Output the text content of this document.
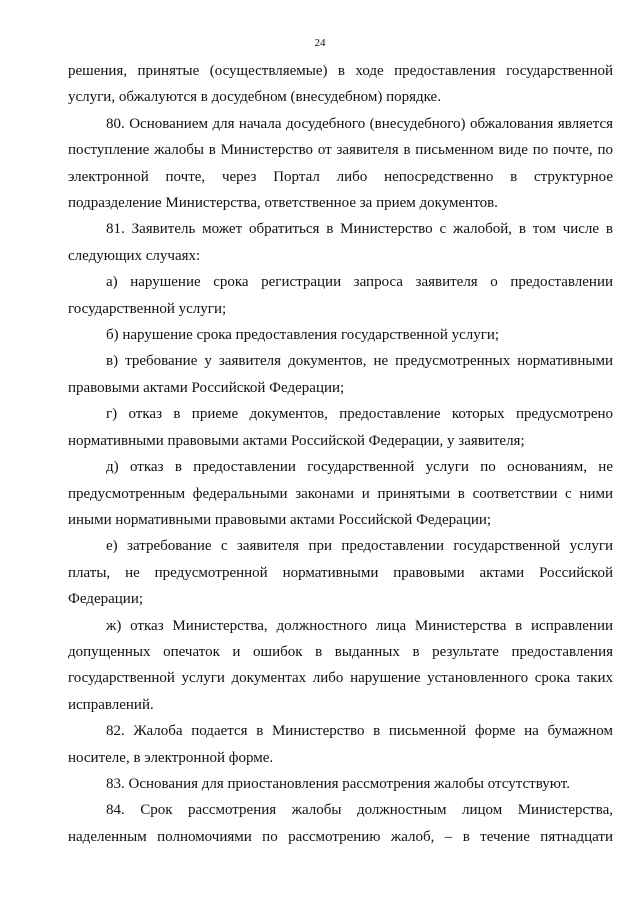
24

решения, принятые (осуществляемые) в ходе предоставления государственной услуги, обжалуются в досудебном (внесудебном) порядке.

80. Основанием для начала досудебного (внесудебного) обжалования является поступление жалобы в Министерство от заявителя в письменном виде по почте, по электронной почте, через Портал либо непосредственно в структурное подразделение Министерства, ответственное за прием документов.

81. Заявитель может обратиться в Министерство с жалобой, в том числе в следующих случаях:

а) нарушение срока регистрации запроса заявителя о предоставлении государственной услуги;

б) нарушение срока предоставления государственной услуги;

в) требование у заявителя документов, не предусмотренных нормативными правовыми актами Российской Федерации;

г) отказ в приеме документов, предоставление которых предусмотрено нормативными правовыми актами Российской Федерации, у заявителя;

д) отказ в предоставлении государственной услуги по основаниям, не предусмотренным федеральными законами и принятыми в соответствии с ними иными нормативными правовыми актами Российской Федерации;

е) затребование с заявителя при предоставлении государственной услуги платы, не предусмотренной нормативными правовыми актами Российской Федерации;

ж) отказ Министерства, должностного лица Министерства в исправлении допущенных опечаток и ошибок в выданных в результате предоставления государственной услуги документах либо нарушение установленного срока таких исправлений.

82. Жалоба подается в Министерство в письменной форме на бумажном носителе, в электронной форме.

83. Основания для приостановления рассмотрения жалобы отсутствуют.

84. Срок рассмотрения жалобы должностным лицом Министерства, наделенным полномочиями по рассмотрению жалоб, – в течение пятнадцати
